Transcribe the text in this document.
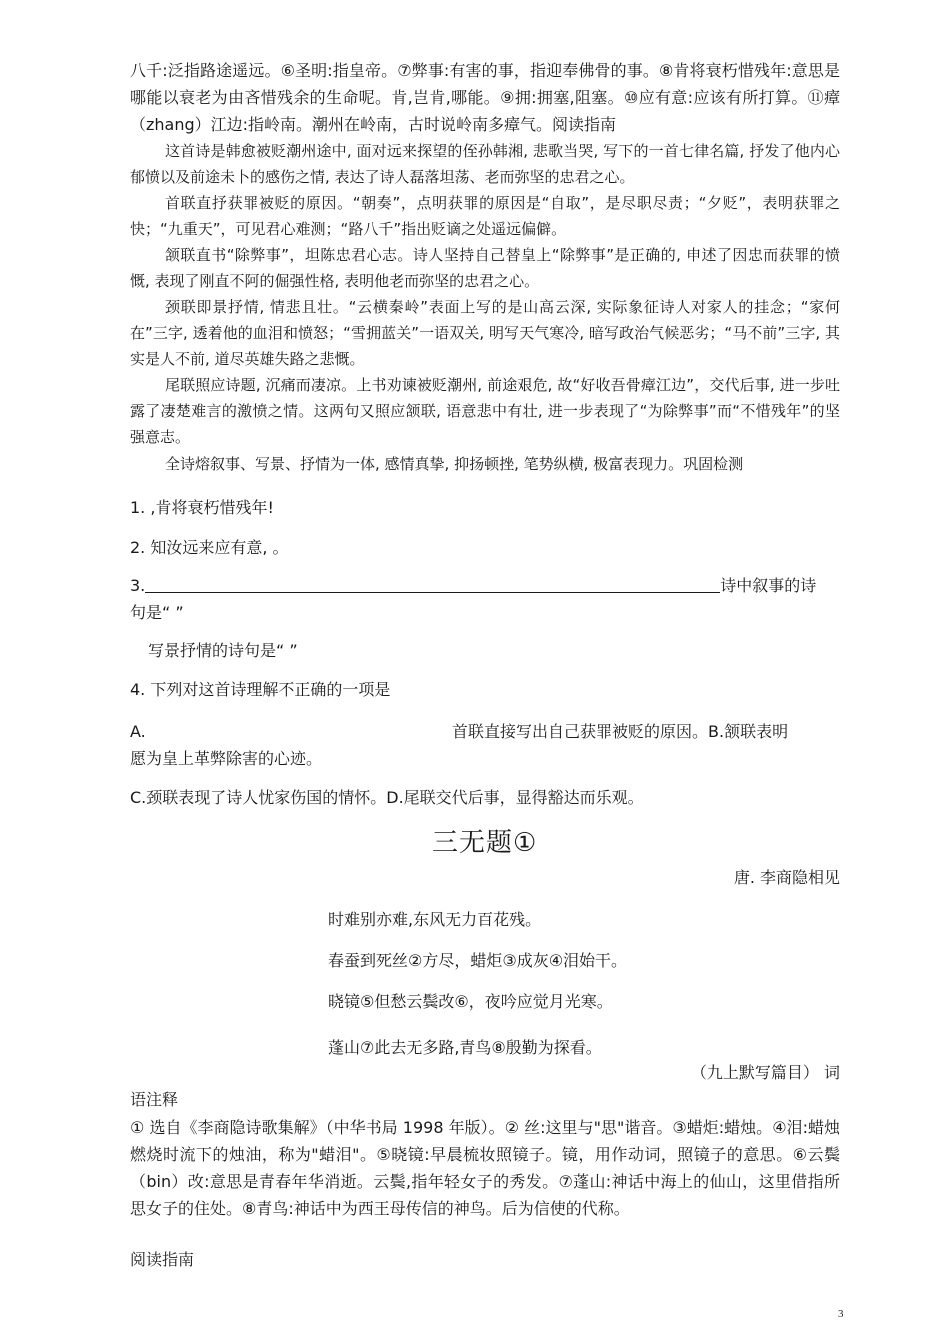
八千:泛指路途遥远。⑥圣明:指皇帝。⑦弊事:有害的事，指迎奉佛骨的事。⑧肯将衰朽惜残年:意思是哪能以衰老为由吝惜残余的生命呢。肯,岂肯,哪能。⑨拥:拥塞,阻塞。⑩应有意:应该有所打算。⑪瘴（zhang）江边:指岭南。潮州在岭南，古时说岭南多瘴气。阅读指南
这首诗是韩愈被贬潮州途中, 面对远来探望的侄孙韩湘, 悲歌当哭, 写下的一首七律名篇, 抒发了他内心郁愤以及前途未卜的感伤之情, 表达了诗人磊落坦荡、老而弥坚的忠君之心。
首联直抒获罪被贬的原因。“朝奏”，点明获罪的原因是“自取”，是尽职尽责；“夕贬”，表明获罪之快；“九重天”，可见君心难测；“路八千”指出贬谪之处遥远偏僻。
颔联直书“除弊事”，坦陈忠君心志。诗人坚持自己替皇上“除弊事”是正确的, 申述了因忠而获罪的愤慨, 表现了刚直不阿的倔强性格, 表明他老而弥坚的忠君之心。
颈联即景抒情, 情悲且壮。“云横秦岭”表面上写的是山高云深, 实际象征诗人对家人的挂念；“家何在”三字, 透着他的血泪和愤怒；“雪拥蓝关”一语双关, 明写天气寒冷, 暗写政治气候恶劣；“马不前”三字, 其实是人不前, 道尽英雄失路之悲慨。
尾联照应诗题, 沉痛而凄凉。上书劝谏被贬潮州, 前途艰危, 故“好收吾骨瘴江边”，交代后事, 进一步吐露了凄楚难言的激愤之情。这两句又照应颔联, 语意悲中有壮, 进一步表现了“为除弊事”而“不惜残年”的坚强意志。
全诗熔叙事、写景、抒情为一体, 感情真挚, 抑扬顿挫, 笔势纵横, 极富表现力。巩固检测
1. ,肯将衰朽惜残年!
2. 知汝远来应有意, 。
3.	诗中叙事的诗
句是“ ”
写景抒情的诗句是“ ”
4. 下列对这首诗理解不正确的一项是
A.	首联直接写出自己获罪被贬的原因。B.颔联表明
愿为皇上革弊除害的心迹。
C.颈联表现了诗人忧家伤国的情怀。D.尾联交代后事，显得豁达而乐观。
三无题①
唐. 李商隐相见
时难别亦难,东风无力百花残。
春蚕到死丝②方尽，蜡炬③成灰④泪始干。
晓镜⑤但愁云鬓改⑥，夜吟应觉月光寒。
蓬山⑦此去无多路,青鸟⑧殷勤为探看。
（九上默写篇目） 词
语注释
① 选自《李商隐诗歌集解》（中华书局 1998 年版）。② 丝:这里与"思"谐音。③蜡炬:蜡烛。④泪:蜡烛燃烧时流下的烛油，称为"蜡泪"。⑤晓镜:早晨梳妆照镜子。镜，用作动词，照镜子的意思。⑥云鬓（bin）改:意思是青春年华消逝。云鬓,指年轻女子的秀发。⑦蓬山:神话中海上的仙山，这里借指所思女子的住处。⑧青鸟:神话中为西王母传信的神鸟。后为信使的代称。
阅读指南
3
